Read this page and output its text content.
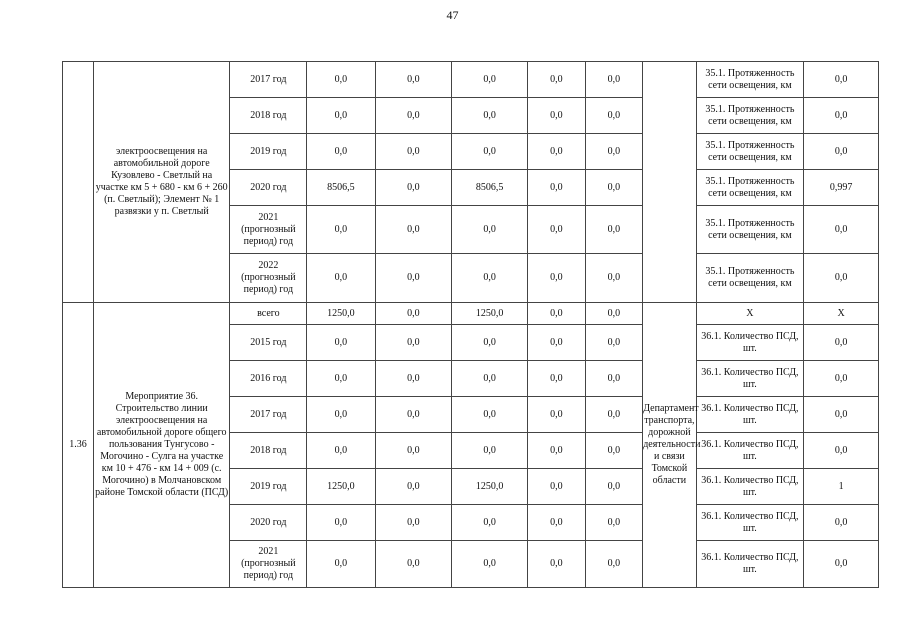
47
	электроосвещения на автомобильной дороге Кузовлево - Светлый на участке км 5 + 680 - км 6 + 260 (п. Светлый); Элемент № 1 развязки у п. Светлый	2017 год	0,0	0,0	0,0	0,0	0,0		35.1. Протяженность сети освещения, км	0,0
		2018 год	0,0	0,0	0,0	0,0	0,0		35.1. Протяженность сети освещения, км	0,0
		2019 год	0,0	0,0	0,0	0,0	0,0		35.1. Протяженность сети освещения, км	0,0
		2020 год	8506,5	0,0	8506,5	0,0	0,0		35.1. Протяженность сети освещения, км	0,997
		2021 (прогнозный период) год	0,0	0,0	0,0	0,0	0,0		35.1. Протяженность сети освещения, км	0,0
		2022 (прогнозный период) год	0,0	0,0	0,0	0,0	0,0		35.1. Протяженность сети освещения, км	0,0
1.36	Мероприятие 36. Строительство линии электроосвещения на автомобильной дороге общего пользования Тунгусово - Могочино - Сулга на участке км 10 + 476 - км 14 + 009 (с. Могочино) в Молчановском районе Томской области (ПСД)	всего	1250,0	0,0	1250,0	0,0	0,0	Департамент транспорта, дорожной деятельности и связи Томской области	Х	Х
		2015 год	0,0	0,0	0,0	0,0	0,0		36.1. Количество ПСД, шт.	0,0
		2016 год	0,0	0,0	0,0	0,0	0,0		36.1. Количество ПСД, шт.	0,0
		2017 год	0,0	0,0	0,0	0,0	0,0		36.1. Количество ПСД, шт.	0,0
		2018 год	0,0	0,0	0,0	0,0	0,0		36.1. Количество ПСД, шт.	0,0
		2019 год	1250,0	0,0	1250,0	0,0	0,0		36.1. Количество ПСД, шт.	1
		2020 год	0,0	0,0	0,0	0,0	0,0		36.1. Количество ПСД, шт.	0,0
		2021 (прогнозный период) год	0,0	0,0	0,0	0,0	0,0		36.1. Количество ПСД, шт.	0,0
